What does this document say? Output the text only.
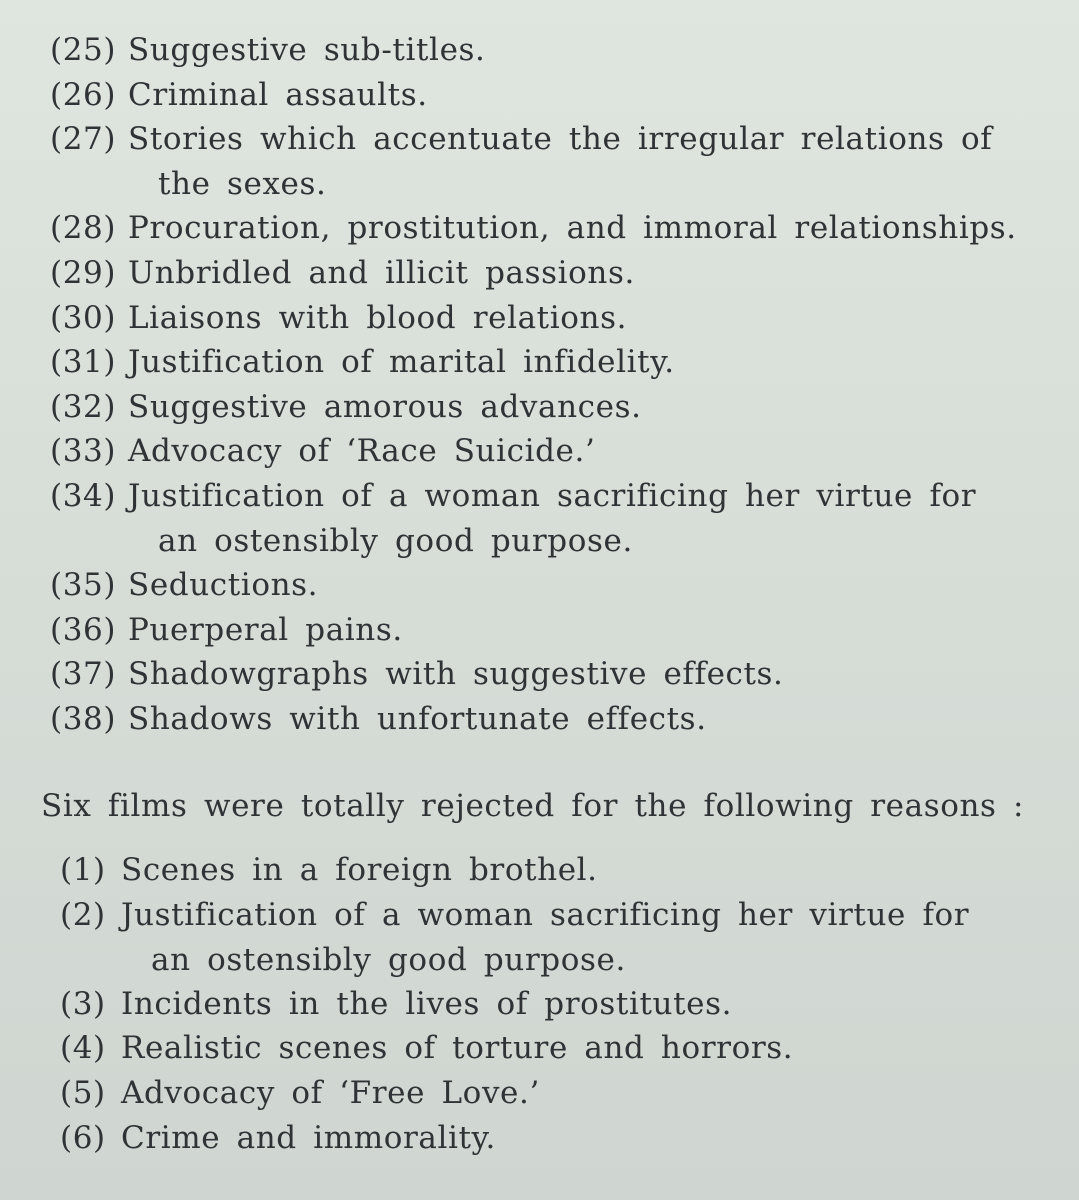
(25) Suggestive sub-titles.
(26) Criminal assaults.
(27) Stories which accentuate the irregular relations of
the sexes.
(28) Procuration, prostitution, and immoral relationships.
(29) Unbridled and illicit passions.
(30) Liaisons with blood relations.
(31) Justification of marital infidelity.
(32) Suggestive amorous advances.
(33) Advocacy of ‘Race Suicide.’
(34) Justification of a woman sacrificing her virtue for
an ostensibly good purpose.
(35) Seductions.
(36) Puerperal pains.
(37) Shadowgraphs with suggestive effects.
(38) Shadows with unfortunate effects.
Six films were totally rejected for the following reasons :
(1) Scenes in a foreign brothel.
(2) Justification of a woman sacrificing her virtue for
an ostensibly good purpose.
(3) Incidents in the lives of prostitutes.
(4) Realistic scenes of torture and horrors.
(5) Advocacy of ‘Free Love.’
(6) Crime and immorality.
